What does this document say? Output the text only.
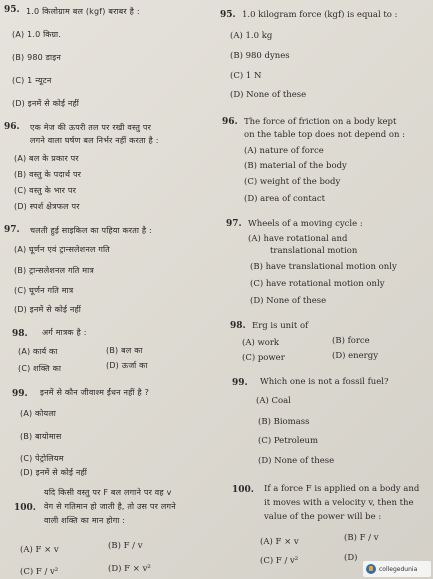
95. 1.0 किलोग्राम बल (kgf) बराबर है :
(A) 1.0 किग्रा.
(B) 980 डाइन
(C) 1 न्यूटन
(D) इनमें से कोई नहीं
96. एक मेज की ऊपरी तल पर रखी वस्तु पर
लगने वाला घर्षण बल निर्भर नहीं करता है :
(A) बल के प्रकार पर
(B) वस्तु के पदार्थ पर
(C) वस्तु के भार पर
(D) स्पर्श क्षेत्रफल पर
97. चलती हुई साइकिल का पहिया करता है :
(A) घूर्णन एवं ट्रान्सलेशनल गति
(B) ट्रान्सलेशनल गति मात्र
(C) घूर्णन गति मात्र
(D) इनमें से कोई नहीं
98. अर्ग मात्रक है :
(A) कार्य का	(B) बल का
(C) शक्ति का	(D) ऊर्जा का
99. इनमें से कौन जीवाश्म ईंधन नहीं है ?
(A) कोयला
(B) बायोमास
(C) पेट्रोलियम
(D) इनमें से कोई नहीं
100.
यदि किसी वस्तु पर F बल लगाने पर वह v
वेग से गतिमान हो जाती है, तो उस पर लगने
वाली शक्ति का मान होगा :
(A) F × v	(B) F / v
(C) F / v²	(D) F × v²
95. 1.0 kilogram force (kgf) is equal to :
(A) 1.0 kg
(B) 980 dynes
(C) 1 N
(D) None of these
96. The force of friction on a body kept
on the table top does not depend on :
(A) nature of force
(B) material of the body
(C) weight of the body
(D) area of contact
97. Wheels of a moving cycle :
(A) have rotational and
translational motion
(B) have translational motion only
(C) have rotational motion only
(D) None of these
98. Erg is unit of
(A) work	(B) force
(C) power	(D) energy
99. Which one is not a fossil fuel?
(A) Coal
(B) Biomass
(C) Petroleum
(D) None of these
100. If a force F is applied on a body and
it moves with a velocity v, then the
value of the power will be :
(A) F × v	(B) F / v
(C) F / v²	(D)
collegedunia
